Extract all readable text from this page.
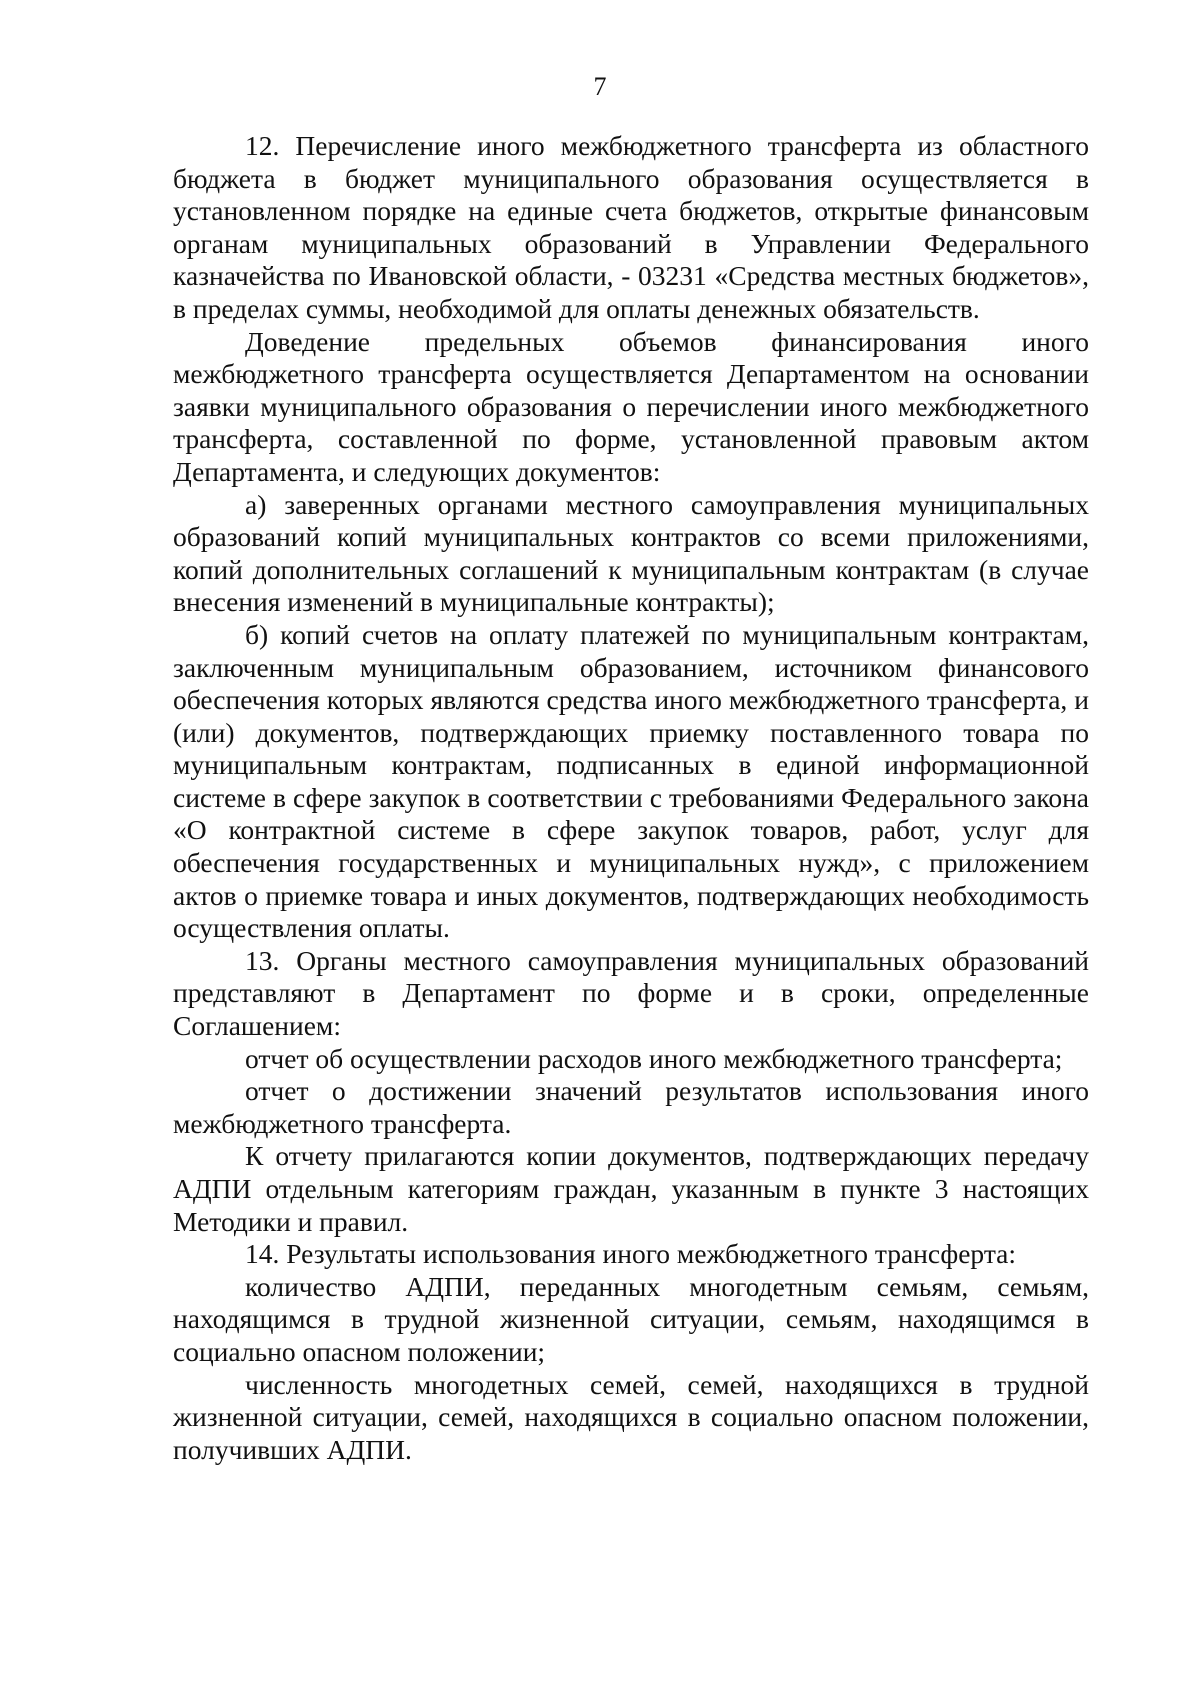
7

12. Перечисление иного межбюджетного трансферта из областного бюджета в бюджет муниципального образования осуществляется в установленном порядке на единые счета бюджетов, открытые финансовым органам муниципальных образований в Управлении Федерального казначейства по Ивановской области, - 03231 «Средства местных бюджетов», в пределах суммы, необходимой для оплаты денежных обязательств.

Доведение предельных объемов финансирования иного межбюджетного трансферта осуществляется Департаментом на основании заявки муниципального образования о перечислении иного межбюджетного трансферта, составленной по форме, установленной правовым актом Департамента, и следующих документов:

а) заверенных органами местного самоуправления муниципальных образований копий муниципальных контрактов со всеми приложениями, копий дополнительных соглашений к муниципальным контрактам (в случае внесения изменений в муниципальные контракты);

б) копий счетов на оплату платежей по муниципальным контрактам, заключенным муниципальным образованием, источником финансового обеспечения которых являются средства иного межбюджетного трансферта, и (или) документов, подтверждающих приемку поставленного товара по муниципальным контрактам, подписанных в единой информационной системе в сфере закупок в соответствии с требованиями Федерального закона «О контрактной системе в сфере закупок товаров, работ, услуг для обеспечения государственных и муниципальных нужд», с приложением актов о приемке товара и иных документов, подтверждающих необходимость осуществления оплаты.

13. Органы местного самоуправления муниципальных образований представляют в Департамент по форме и в сроки, определенные Соглашением:

отчет об осуществлении расходов иного межбюджетного трансферта;

отчет о достижении значений результатов использования иного межбюджетного трансферта.

К отчету прилагаются копии документов, подтверждающих передачу АДПИ отдельным категориям граждан, указанным в пункте 3 настоящих Методики и правил.

14. Результаты использования иного межбюджетного трансферта:

количество АДПИ, переданных многодетным семьям, семьям, находящимся в трудной жизненной ситуации, семьям, находящимся в социально опасном положении;

численность многодетных семей, семей, находящихся в трудной жизненной ситуации, семей, находящихся в социально опасном положении, получивших АДПИ.
